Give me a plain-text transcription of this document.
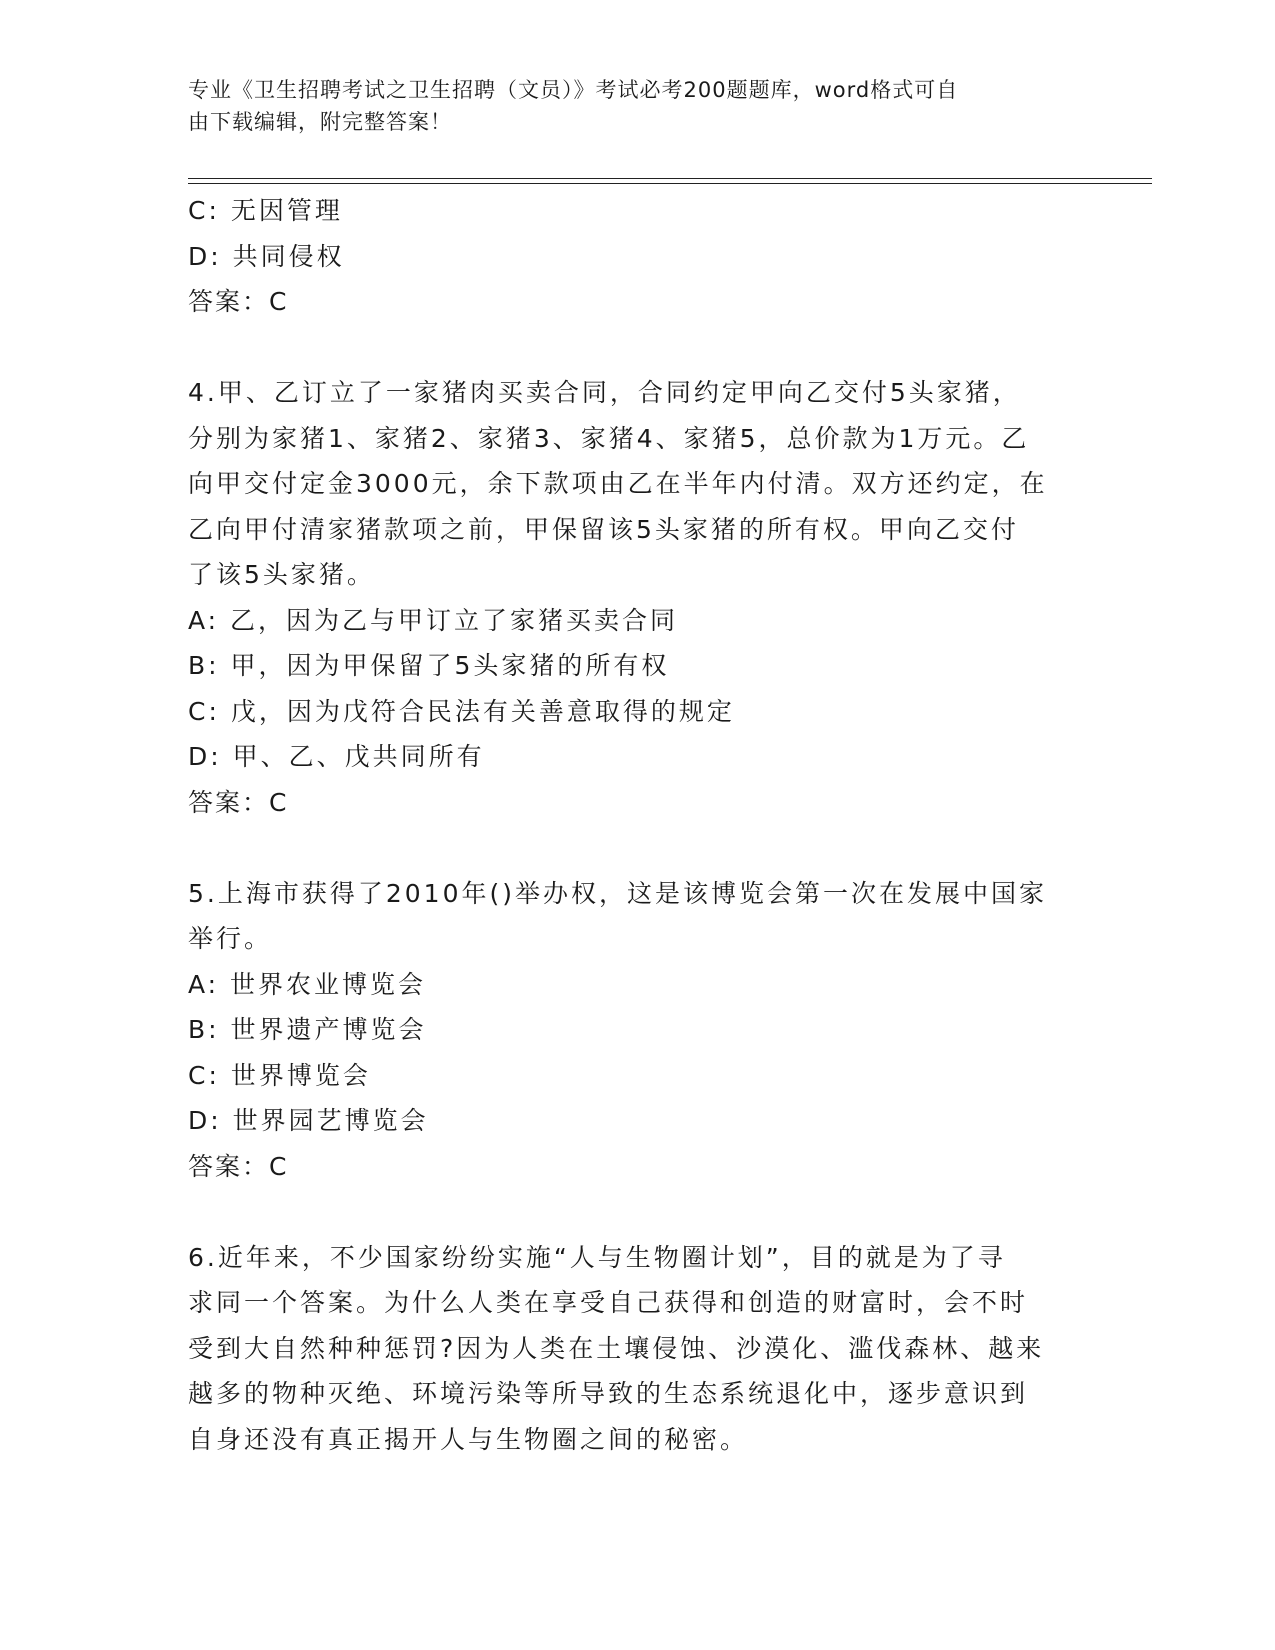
专业《卫生招聘考试之卫生招聘（文员）》考试必考200题题库，word格式可自
由下载编辑，附完整答案！
C: 无因管理
D: 共同侵权
答案：C
4.甲、乙订立了一家猪肉买卖合同，合同约定甲向乙交付5头家猪，
分别为家猪1、家猪2、家猪3、家猪4、家猪5，总价款为1万元。乙
向甲交付定金3000元，余下款项由乙在半年内付清。双方还约定，在
乙向甲付清家猪款项之前，甲保留该5头家猪的所有权。甲向乙交付
了该5头家猪。
A: 乙，因为乙与甲订立了家猪买卖合同
B: 甲，因为甲保留了5头家猪的所有权
C: 戊，因为戊符合民法有关善意取得的规定
D: 甲、乙、戊共同所有
答案：C
5.上海市获得了2010年()举办权，这是该博览会第一次在发展中国家
举行。
A: 世界农业博览会
B: 世界遗产博览会
C: 世界博览会
D: 世界园艺博览会
答案：C
6.近年来，不少国家纷纷实施“人与生物圈计划”，目的就是为了寻
求同一个答案。为什么人类在享受自己获得和创造的财富时，会不时
受到大自然种种惩罚?因为人类在土壤侵蚀、沙漠化、滥伐森林、越来
越多的物种灭绝、环境污染等所导致的生态系统退化中，逐步意识到
自身还没有真正揭开人与生物圈之间的秘密。
